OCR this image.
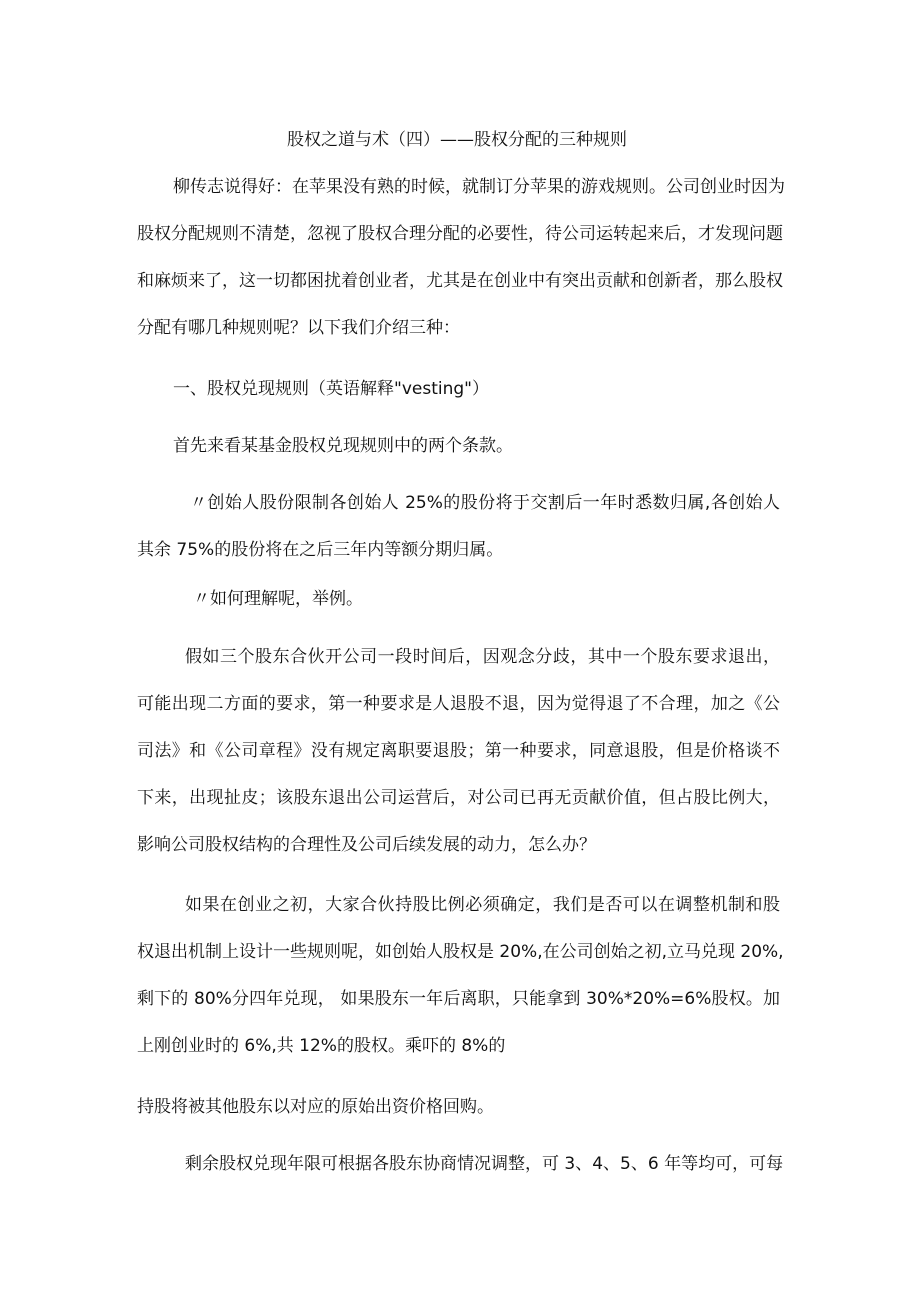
股权之道与术（四）——股权分配的三种规则
柳传志说得好：在苹果没有熟的时候，就制订分苹果的游戏规则。公司创业时因为
股权分配规则不清楚，忽视了股权合理分配的必要性，待公司运转起来后，才发现问题
和麻烦来了，这一切都困扰着创业者，尤其是在创业中有突出贡献和创新者，那么股权
分配有哪几种规则呢？以下我们介绍三种：
一、股权兑现规则（英语解释"vesting"）
首先来看某基金股权兑现规则中的两个条款。
〃创始人股份限制各创始人 25%的股份将于交割后一年时悉数归属,各创始人
其余 75%的股份将在之后三年内等额分期归属。
〃如何理解呢，举例。
假如三个股东合伙开公司一段时间后，因观念分歧，其中一个股东要求退出，
可能出现二方面的要求，第一种要求是人退股不退，因为觉得退了不合理，加之《公
司法》和《公司章程》没有规定离职要退股；第一种要求，同意退股，但是价格谈不
下来，出现扯皮；该股东退出公司运营后，对公司已再无贡献价值，但占股比例大，
影响公司股权结构的合理性及公司后续发展的动力，怎么办？
如果在创业之初，大家合伙持股比例必须确定，我们是否可以在调整机制和股
权退出机制上设计一些规则呢，如创始人股权是 20%,在公司创始之初,立马兑现 20%,
剩下的 80%分四年兑现， 如果股东一年后离职，只能拿到 30%*20%=6%股权。加
上刚创业时的 6%,共 12%的股权。乘吓的 8%的
持股将被其他股东以对应的原始出资价格回购。
剩余股权兑现年限可根据各股东协商情况调整，可 3、4、5、6 年等均可，可每
